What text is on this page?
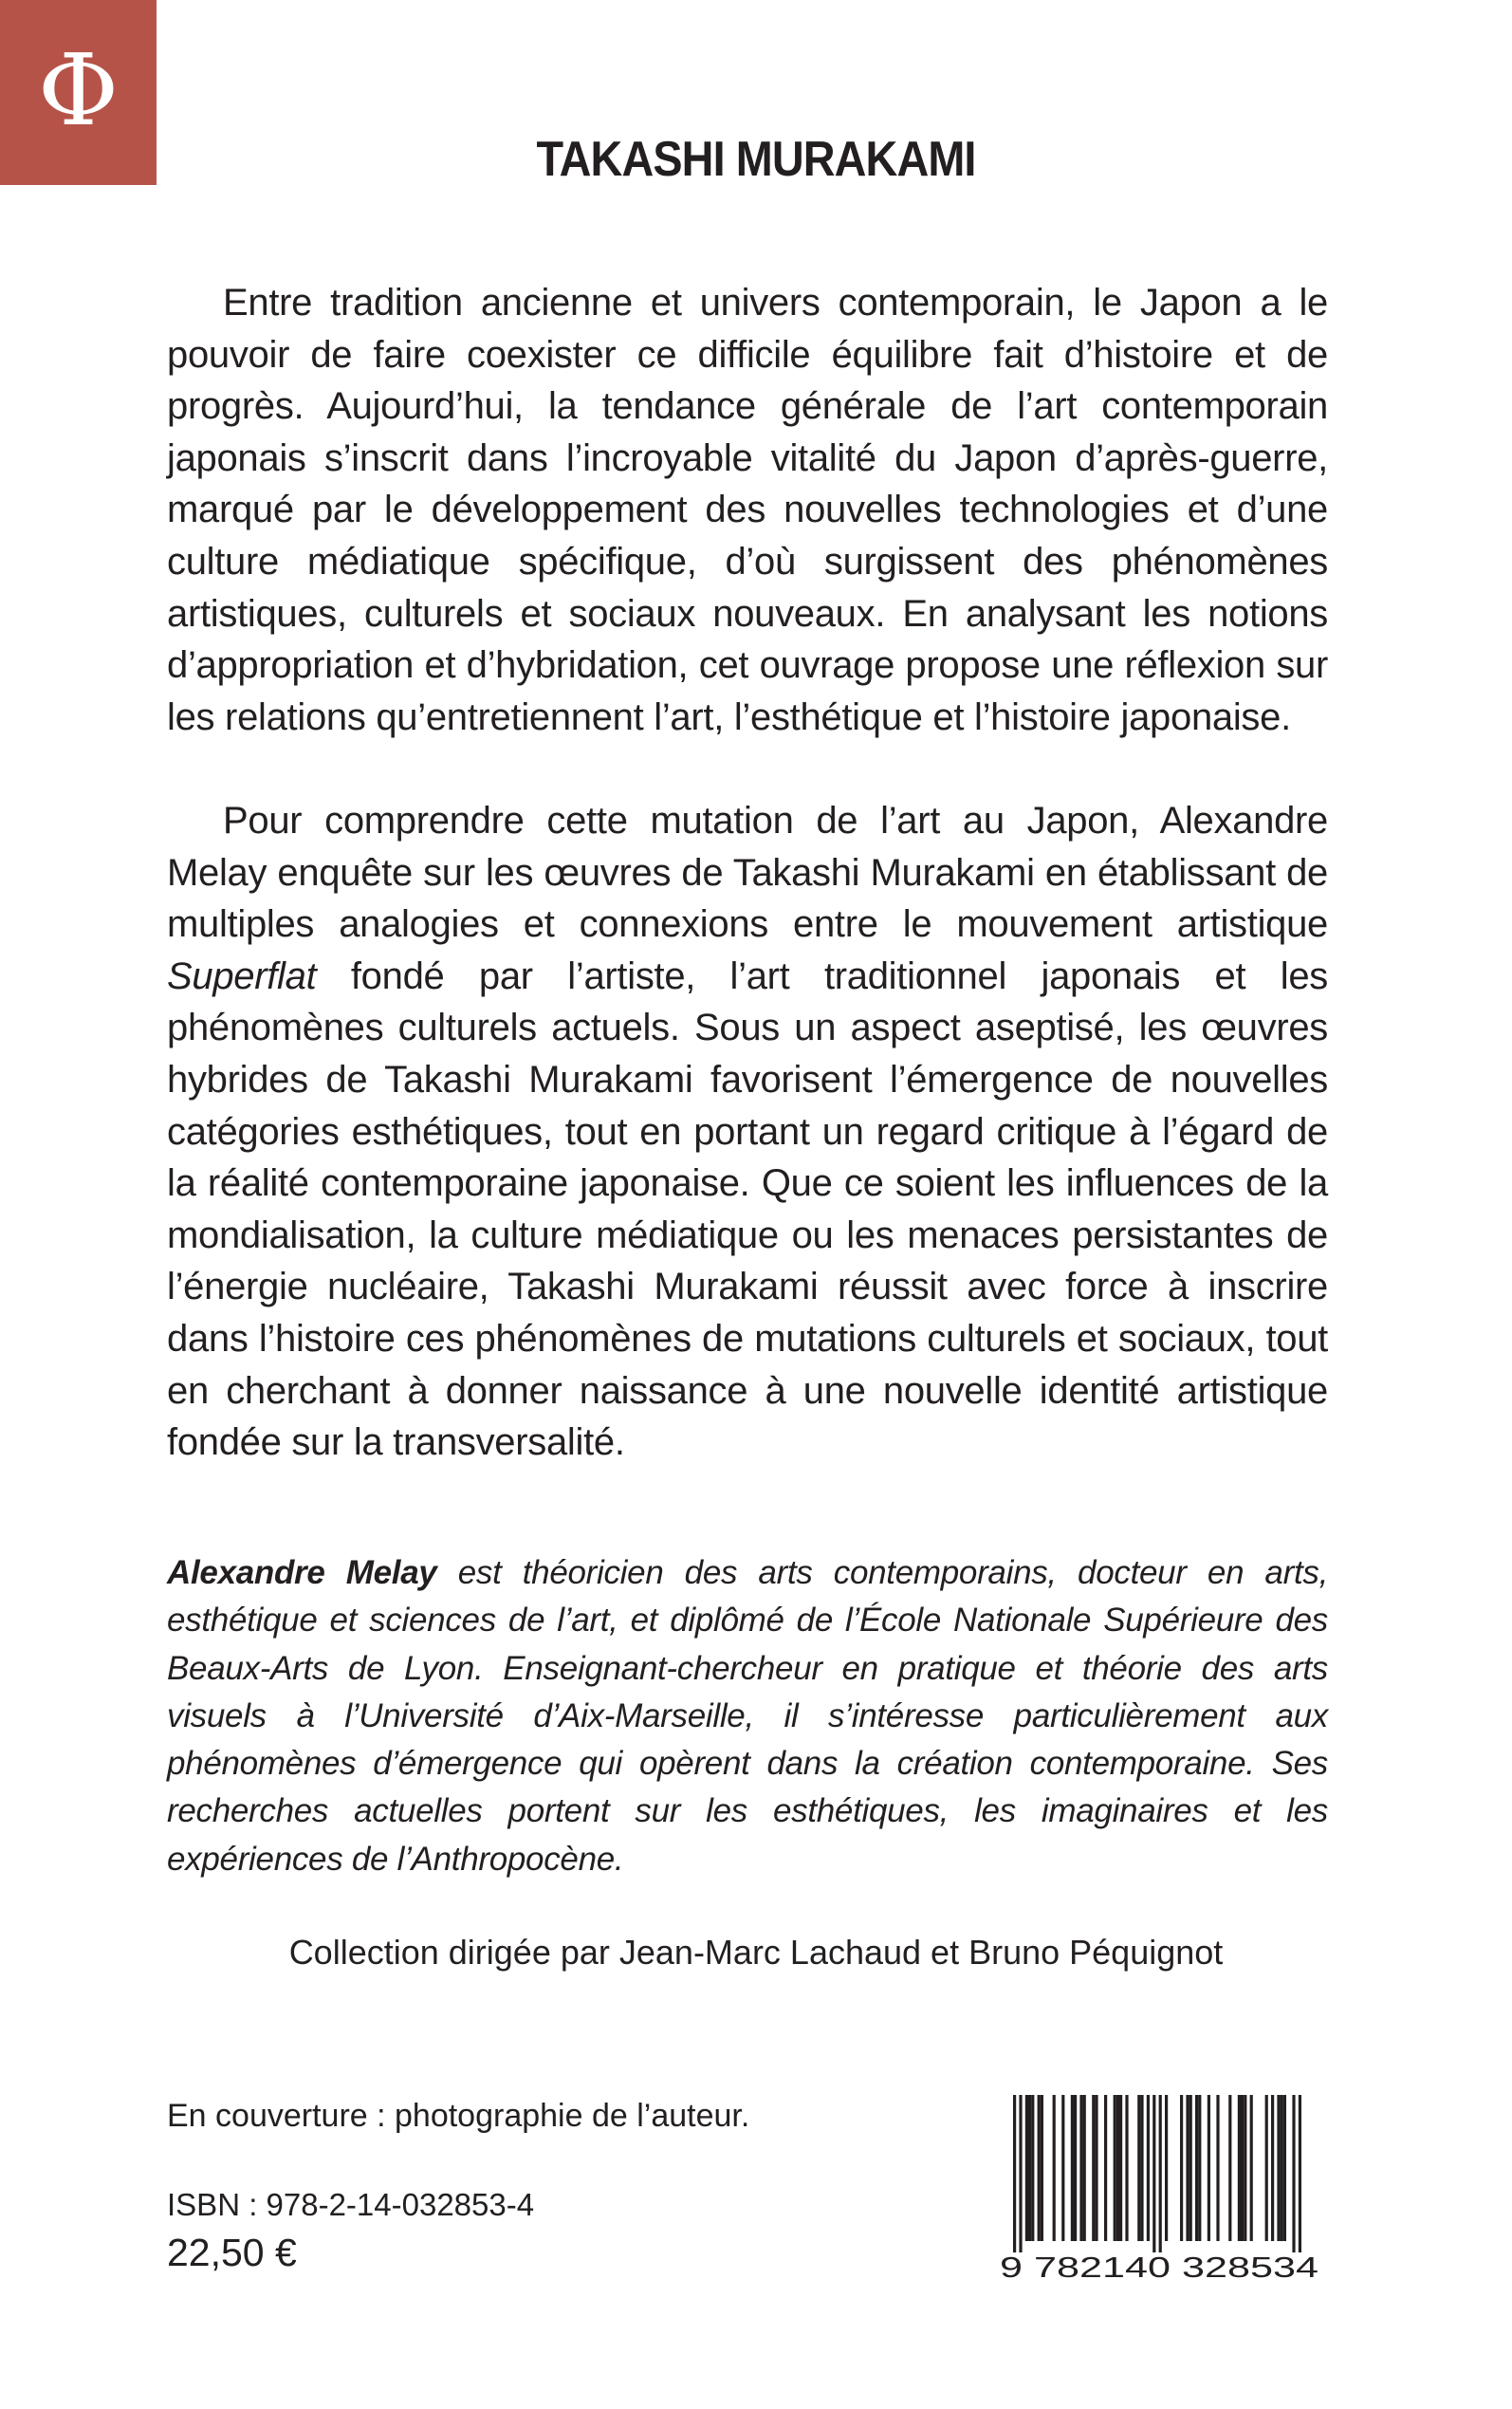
Φ
TAKASHI MURAKAMI

Entre tradition ancienne et univers contemporain, le Japon a le pouvoir de faire coexister ce difficile équilibre fait d’histoire et de progrès. Aujourd’hui, la tendance générale de l’art contemporain japonais s’inscrit dans l’incroyable vitalité du Japon d’après-guerre, marqué par le développement des nouvelles technologies et d’une culture médiatique spécifique, d’où surgissent des phénomènes artistiques, culturels et sociaux nouveaux. En analysant les notions d’appropriation et d’hybridation, cet ouvrage propose une réflexion sur les relations qu’entretiennent l’art, l’esthétique et l’histoire japonaise.

Pour comprendre cette mutation de l’art au Japon, Alexandre Melay enquête sur les œuvres de Takashi Murakami en établissant de multiples analogies et connexions entre le mouvement artistique Superflat fondé par l’artiste, l’art traditionnel japonais et les phénomènes culturels actuels. Sous un aspect aseptisé, les œuvres hybrides de Takashi Murakami favorisent l’émergence de nouvelles catégories esthétiques, tout en portant un regard critique à l’égard de la réalité contemporaine japonaise. Que ce soient les influences de la mondialisation, la culture médiatique ou les menaces persistantes de l’énergie nucléaire, Takashi Murakami réussit avec force à inscrire dans l’histoire ces phénomènes de mutations culturels et sociaux, tout en cherchant à donner naissance à une nouvelle identité artistique fondée sur la transversalité.

Alexandre Melay est théoricien des arts contemporains, docteur en arts, esthétique et sciences de l’art, et diplômé de l’École Nationale Supérieure des Beaux-Arts de Lyon. Enseignant-chercheur en pratique et théorie des arts visuels à l’Université d’Aix-Marseille, il s’intéresse particulièrement aux phénomènes d’émergence qui opèrent dans la création contemporaine. Ses recherches actuelles portent sur les esthétiques, les imaginaires et les expériences de l’Anthropocène.

Collection dirigée par Jean-Marc Lachaud et Bruno Péquignot

En couverture : photographie de l’auteur.

ISBN : 978-2-14-032853-4

22,50 €	9 782140 328534
